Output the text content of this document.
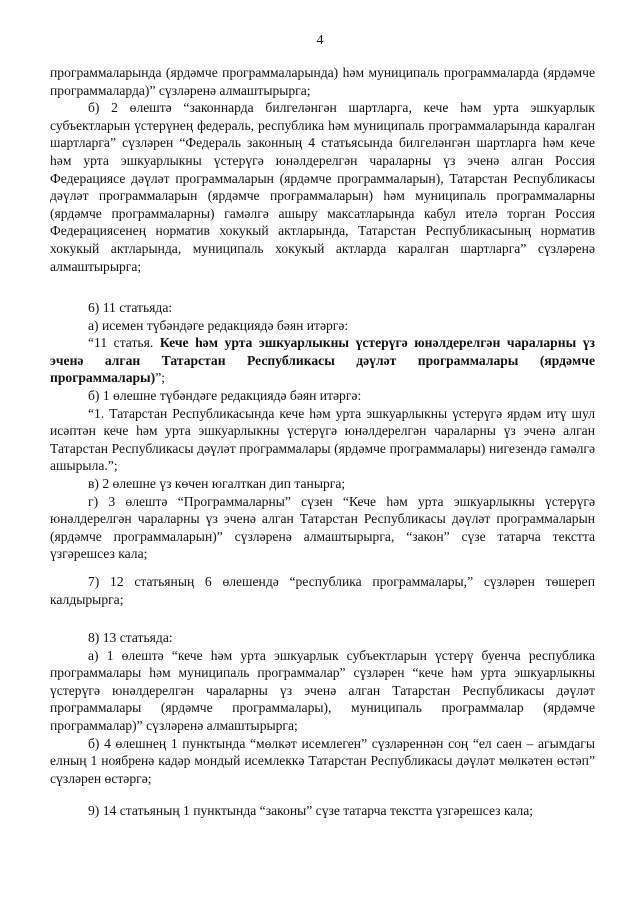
4

программаларында (ярдәмче программаларында) һәм муниципаль программаларда (ярдәмче программаларда)” сүзләренә алмаштырырга;

б) 2 өлештә “законнарда билгеләнгән шартларга, кече һәм урта эшкуарлык субъектларын үстерүнең федераль, республика һәм муниципаль программаларында каралган шартларга” сүзләрен “Федераль законның 4 статьясында билгеләнгән шартларга һәм кече һәм урта эшкуарлыкны үстерүгә юнәлдерелгән чараларны үз эченә алган Россия Федерациясе дәүләт программаларын (ярдәмче программаларын), Татарстан Республикасы дәүләт программаларын (ярдәмче программаларын) һәм муниципаль программаларны (ярдәмче программаларны) гамәлгә ашыру максатларында кабул ителә торган Россия Федерациясенең норматив хокукый актларында, Татарстан Республикасының норматив хокукый актларында, муниципаль хокукый актларда каралган шартларга” сүзләренә алмаштырырга;

6) 11 статьяда:

а) исемен түбәндәге редакциядә бәян итәргә:

“11 статья. Кече һәм урта эшкуарлыкны үстерүгә юнәлдерелгән чараларны үз эченә алган Татарстан Республикасы дәүләт программалары (ярдәмче программалары)”;

б) 1 өлешне түбәндәге редакциядә бәян итәргә:

“1. Татарстан Республикасында кече һәм урта эшкуарлыкны үстерүгә ярдәм итү шул исәптән кече һәм урта эшкуарлыкны үстерүгә юнәлдерелгән чараларны үз эченә алган Татарстан Республикасы дәүләт программалары (ярдәмче программалары) нигезендә гамәлгә ашырыла.”;

в) 2 өлешне үз көчен югалткан дип танырга;

г) 3 өлештә “Программаларны” сүзен “Кече һәм урта эшкуарлыкны үстерүгә юнәлдерелгән чараларны үз эченә алган Татарстан Республикасы дәүләт программаларын (ярдәмче программаларын)” сүзләренә алмаштырырга, “закон” сүзе татарча текстта үзгәрешсез кала;

7) 12 статьяның 6 өлешендә “республика программалары,” сүзләрен төшереп калдырырга;

8) 13 статьяда:

а) 1 өлештә “кече һәм урта эшкуарлык субъектларын үстерү буенча республика программалары һәм муниципаль программалар” сүзләрен “кече һәм урта эшкуарлыкны үстерүгә юнәлдерелгән чараларны үз эченә алган Татарстан Республикасы дәүләт программалары (ярдәмче программалары), муниципаль программалар (ярдәмче программалар)” сүзләренә алмаштырырга;

б) 4 өлешнең 1 пунктында “мөлкәт исемлеген” сүзләреннән соң “ел саен – агымдагы елның 1 ноябренә кадәр мондый исемлеккә Татарстан Республикасы дәүләт мөлкәтен өстәп” сүзләрен өстәргә;

9) 14 статьяның 1 пунктында “законы” сүзе татарча текстта үзгәрешсез кала;
